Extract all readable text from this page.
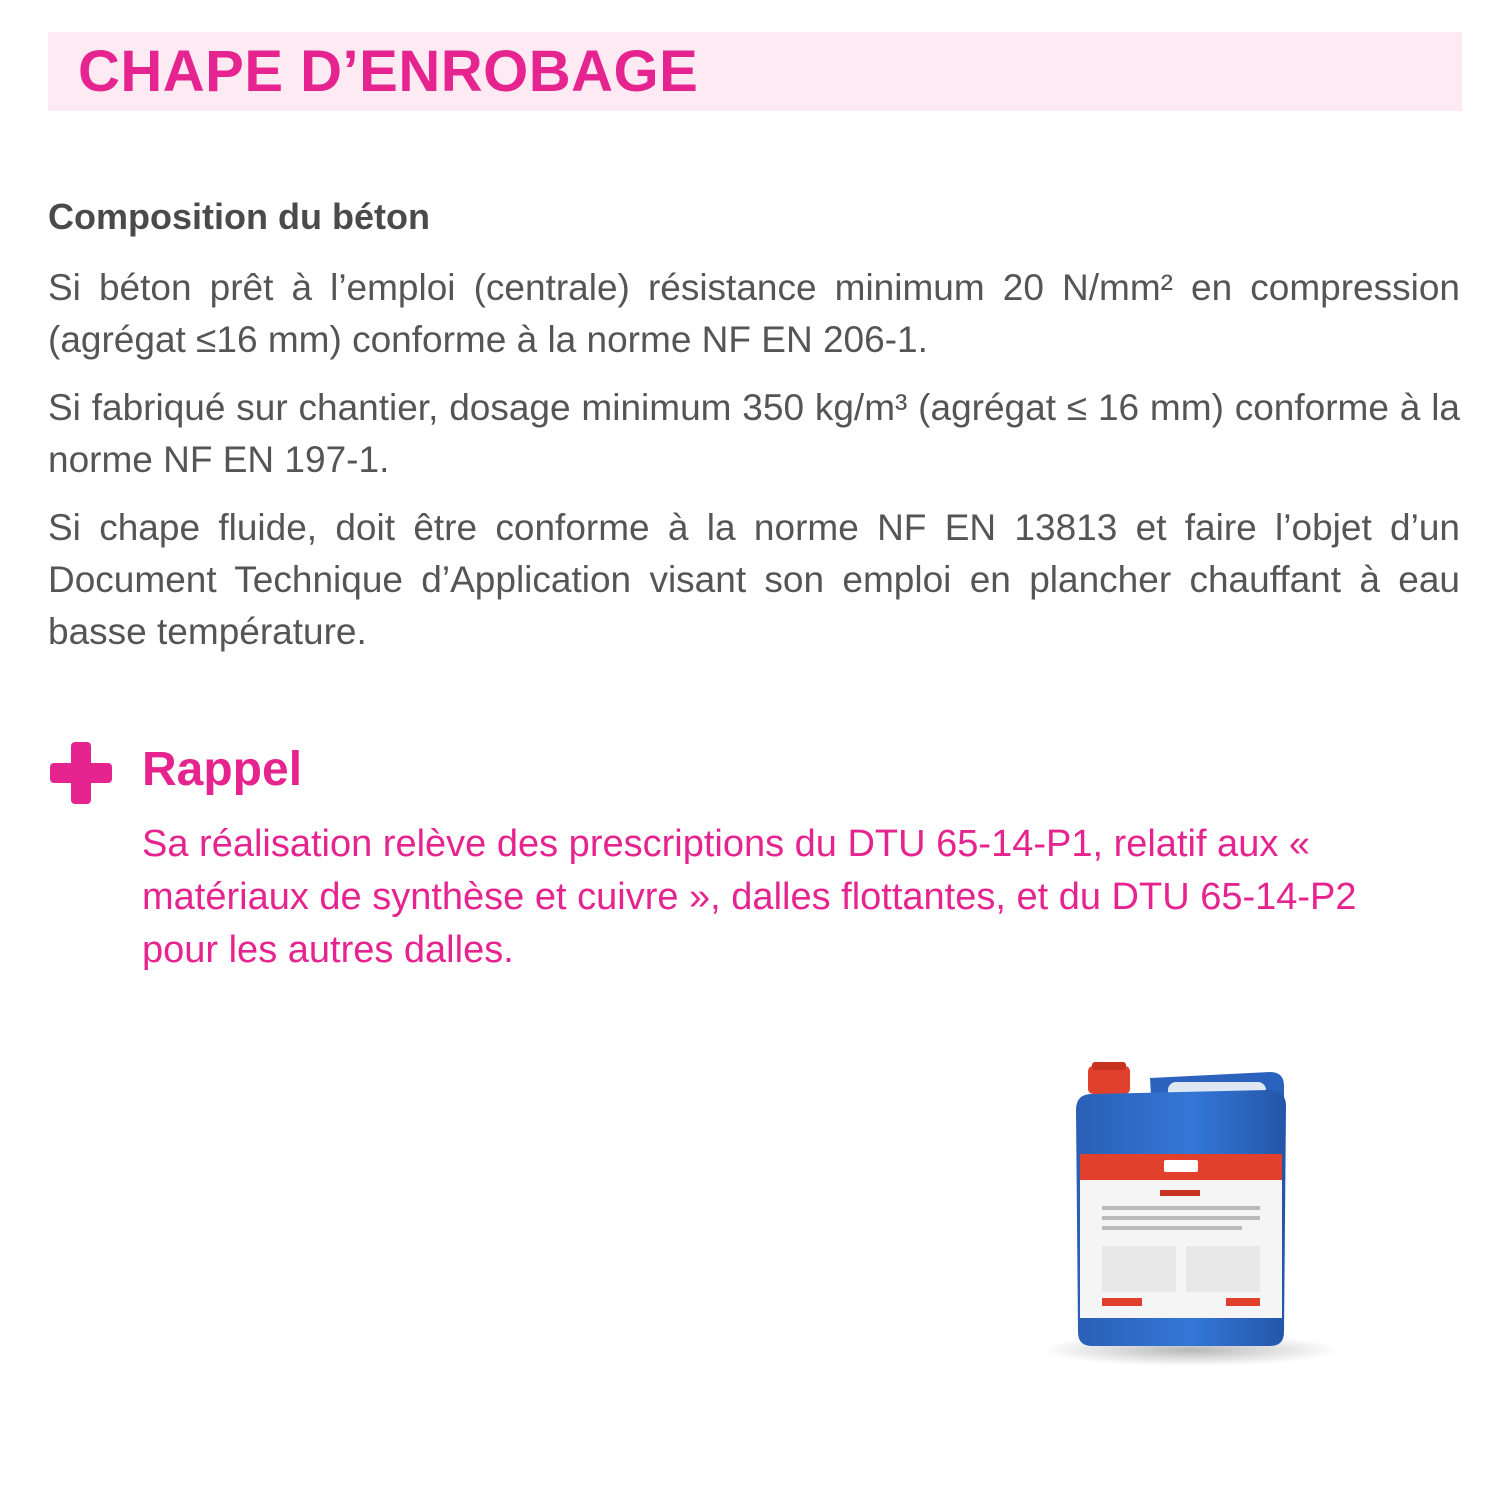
CHAPE D’ENROBAGE
Composition du béton

Si béton prêt à l’emploi (centrale) résistance minimum 20 N/mm² en compression (agrégat ≤16 mm) conforme à la norme NF EN 206-1.

Si fabriqué sur chantier, dosage minimum 350 kg/m³ (agrégat ≤ 16 mm) conforme à la norme NF EN 197-1.

Si chape fluide, doit être conforme à la norme NF EN 13813 et faire l’objet d’un Document Technique d’Application visant son emploi en plancher chauffant à eau basse température.

Rappel

Sa réalisation relève des prescriptions du DTU 65-14-P1, relatif aux « matériaux de synthèse et cuivre », dalles flottantes, et du DTU 65-14-P2 pour les autres dalles.
